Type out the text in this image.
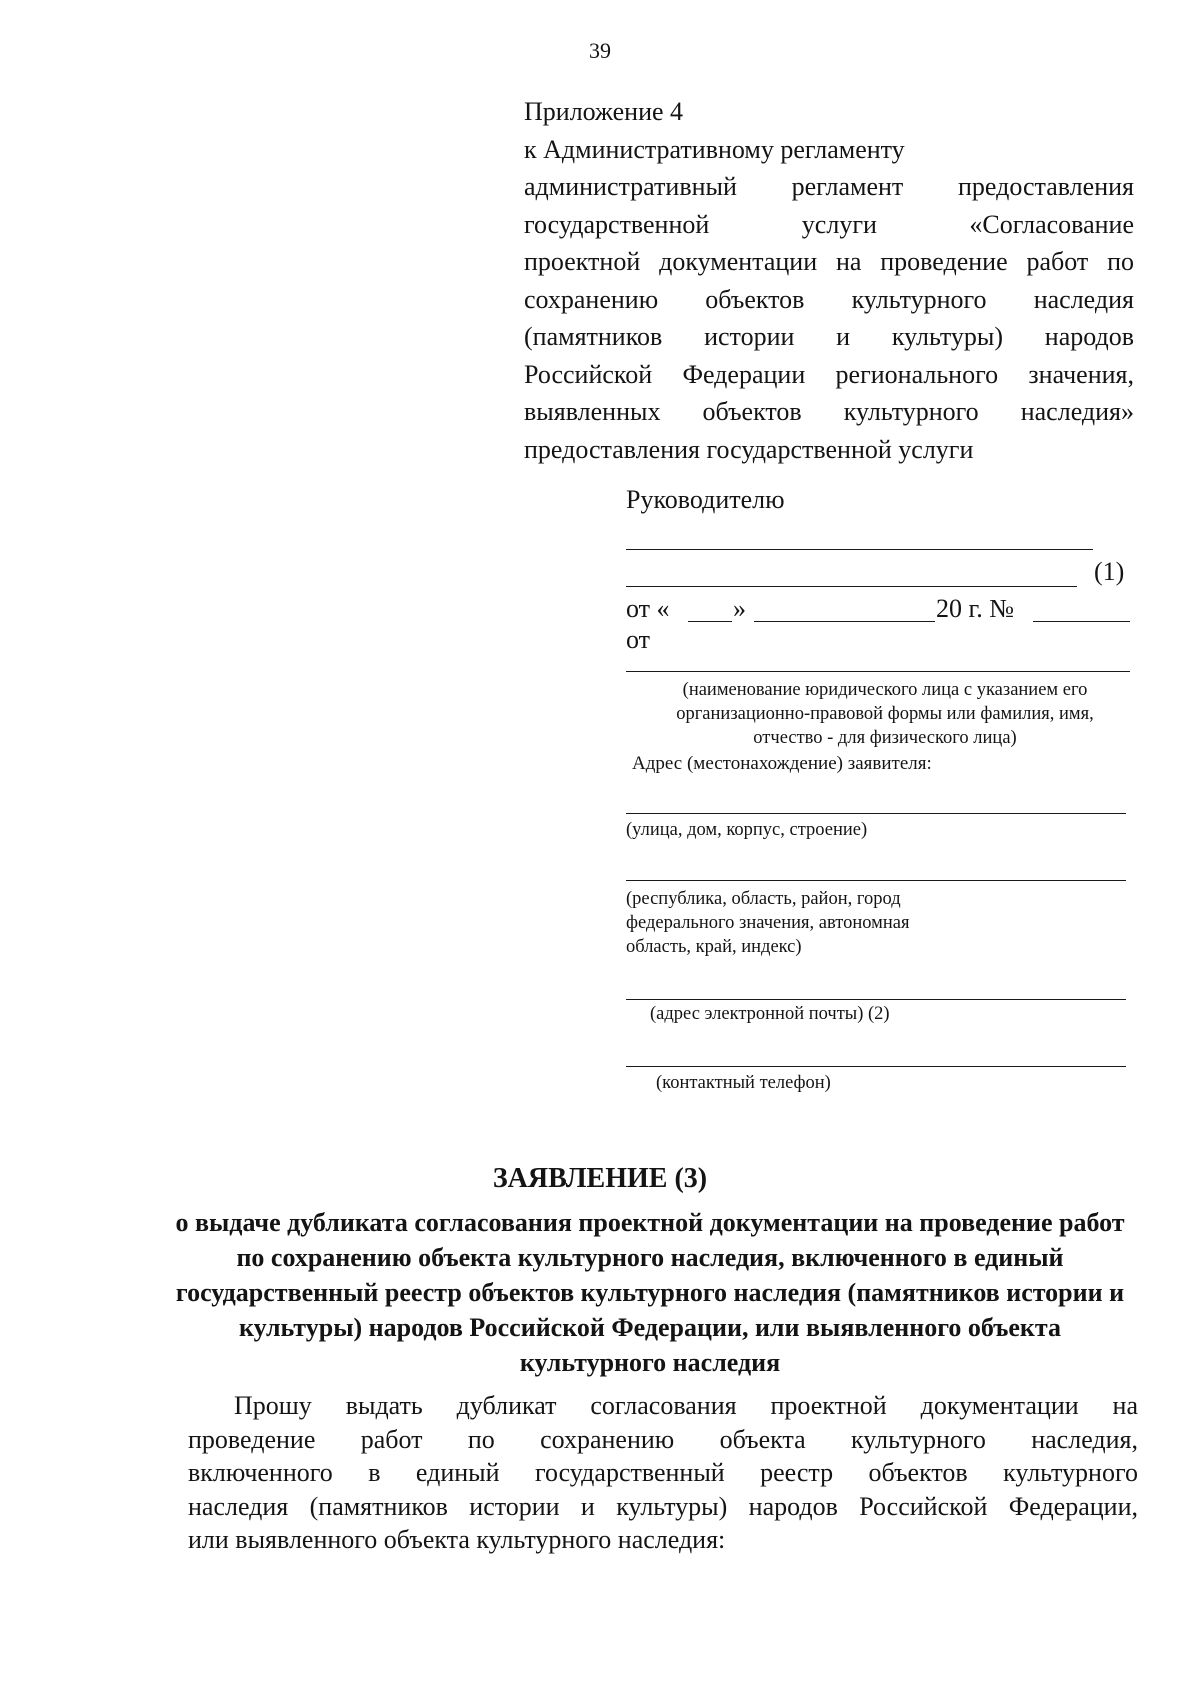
39
Приложение 4
к Административному регламенту
административный регламент предоставления
государственной услуги «Согласование
проектной документации на проведение работ по
сохранению объектов культурного наследия
(памятников истории и культуры) народов
Российской Федерации регионального значения,
выявленных объектов культурного наследия»
предоставления государственной услуги
Руководителю
(1)
от « »	20 г. №
от
(наименование юридического лица с указанием его организационно-правовой формы или фамилия, имя, отчество - для физического лица)
Адрес (местонахождение) заявителя:
(улица, дом, корпус, строение)
(республика, область, район, город федерального значения, автономная область, край, индекс)
(адрес электронной почты) (2)
(контактный телефон)
ЗАЯВЛЕНИЕ (3)
о выдаче дубликата согласования проектной документации на проведение работ по сохранению объекта культурного наследия, включенного в единый государственный реестр объектов культурного наследия (памятников истории и культуры) народов Российской Федерации, или выявленного объекта культурного наследия
Прошу выдать дубликат согласования проектной документации на
проведение работ по сохранению объекта культурного наследия,
включенного в единый государственный реестр объектов культурного
наследия (памятников истории и культуры) народов Российской Федерации,
или выявленного объекта культурного наследия:
